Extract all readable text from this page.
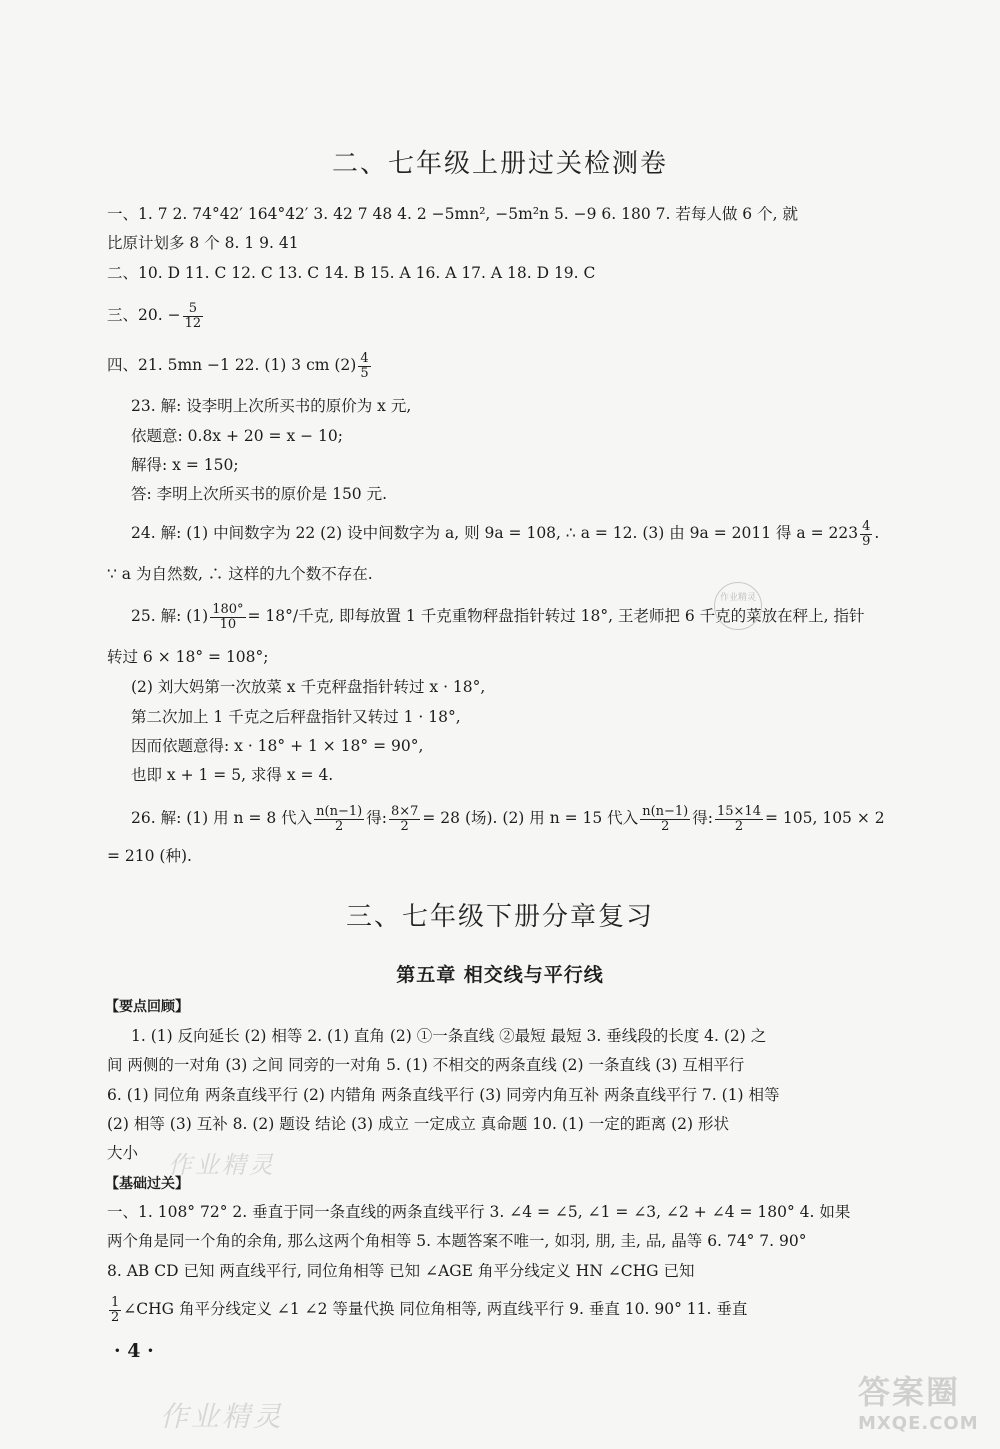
二、七年级上册过关检测卷
一、1. 7 2. 74°42′ 164°42′ 3. 42 7 48 4. 2 −5mn², −5m²n 5. −9 6. 180 7. 若每人做 6 个, 就
比原计划多 8 个 8. 1 9. 41
二、10. D 11. C 12. C 13. C 14. B 15. A 16. A 17. A 18. D 19. C
三、20. − $\frac{5}{12}$
四、21. 5mn −1 22. (1) 3 cm $(2) \frac{4}{5}$
23. 解: 设李明上次所买书的原价为 x 元,
依题意: 0.8x + 20 = x − 10;
解得: x = 150;
答: 李明上次所买书的原价是 150 元.
24. 解: (1) 中间数字为 22 (2) 设中间数字为 a, 则 9a = 108, ∴ a = 12. (3) 由 9a = 2011 得 $a = 223 \frac{4}{9}$ .
∵ a 为自然数, ∴ 这样的九个数不存在.
25. 解: $(1) \frac{180^\circ}{10} = 18^\circ/$千克, 即每放置 1 千克重物秤盘指针转过 18°, 王老师把 6 千克的菜放在秤上, 指针
转过 6 × 18° = 108°;
(2) 刘大妈第一次放菜 x 千克秤盘指针转过 x · 18°,
第二次加上 1 千克之后秤盘指针又转过 1 · 18°,
因而依题意得: x · 18° + 1 × 18° = 90°,
也即 x + 1 = 5, 求得 x = 4.
26. 解: (1) 用 n = 8 代入 $\frac{n(n-1)}{2}$ 得: $\frac{8\times 7}{2} = 28$ (场). (2) 用 n = 15 代入 $\frac{n(n-1)}{2}$ 得: $\frac{15\times 14}{2} = 105$, 105 × 2
= 210 (种).
三、七年级下册分章复习
第五章 相交线与平行线
【要点回顾】
1. (1) 反向延长 (2) 相等 2. (1) 直角 (2) ①一条直线 ②最短 最短 3. 垂线段的长度 4. (2) 之
间 两侧的一对角 (3) 之间 同旁的一对角 5. (1) 不相交的两条直线 (2) 一条直线 (3) 互相平行
6. (1) 同位角 两条直线平行 (2) 内错角 两条直线平行 (3) 同旁内角互补 两条直线平行 7. (1) 相等
(2) 相等 (3) 互补 8. (2) 题设 结论 (3) 成立 一定成立 真命题 10. (1) 一定的距离 (2) 形状
大小
【基础过关】
一、1. 108° 72° 2. 垂直于同一条直线的两条直线平行 3. ∠4 = ∠5, ∠1 = ∠3, ∠2 + ∠4 = 180° 4. 如果
两个角是同一个角的余角, 那么这两个角相等 5. 本题答案不唯一, 如羽, 朋, 圭, 品, 晶等 6. 74° 7. 90°
8. AB CD 已知 两直线平行, 同位角相等 已知 ∠AGE 角平分线定义 HN ∠CHG 已知
$\frac{1}{2}$ ∠CHG 角平分线定义 ∠1 ∠2 等量代换 同位角相等, 两直线平行 9. 垂直 10. 90° 11. 垂直
· 4 ·
作业精灵
作业精灵
作业精灵
答案圈
MXQE.COM
